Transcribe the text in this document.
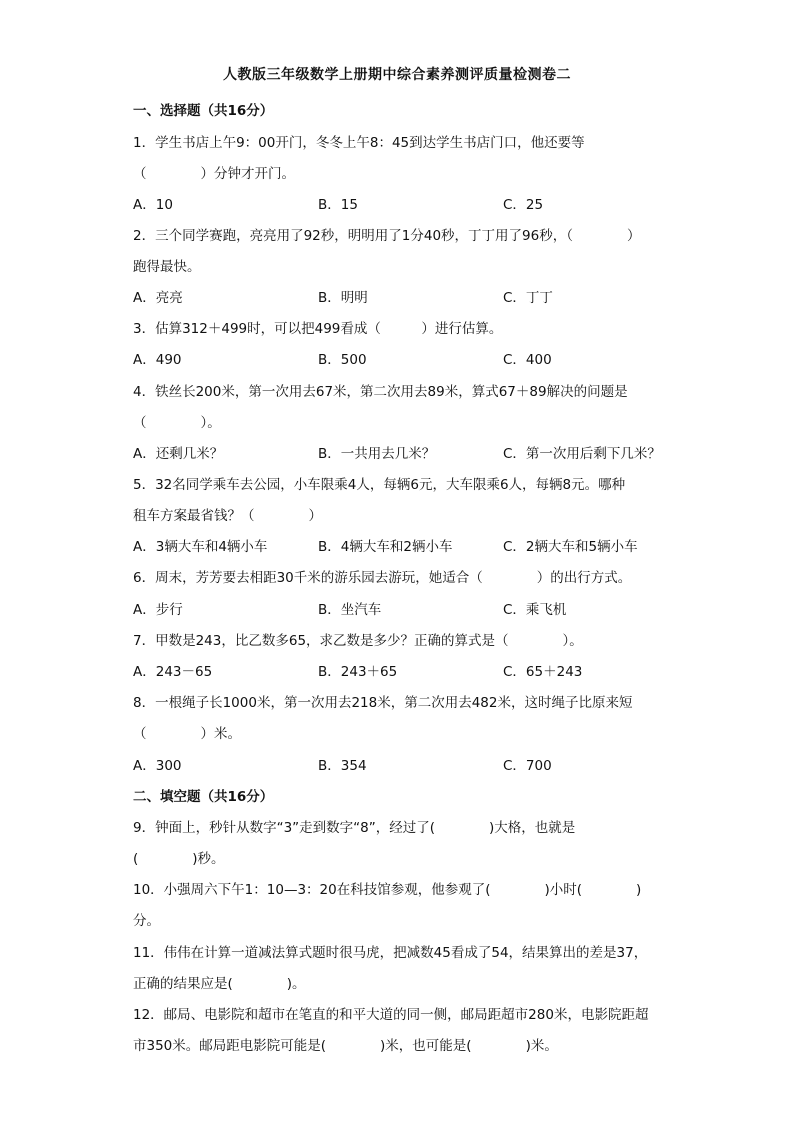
人教版三年级数学上册期中综合素养测评质量检测卷二
一、选择题（共16分）
1．学生书店上午9：00开门，冬冬上午8：45到达学生书店门口，他还要等
（　　　　）分钟才开门。
A．10	B．15	C．25
2．三个同学赛跑，亮亮用了92秒，明明用了1分40秒，丁丁用了96秒，（　　　　）
跑得最快。
A．亮亮	B．明明	C．丁丁
3．估算312＋499时，可以把499看成（　　　）进行估算。
A．490	B．500	C．400
4．铁丝长200米，第一次用去67米，第二次用去89米，算式67＋89解决的问题是
（　　　　）。
A．还剩几米？	B．一共用去几米？	C．第一次用后剩下几米？
5．32名同学乘车去公园，小车限乘4人，每辆6元，大车限乘6人，每辆8元。哪种
租车方案最省钱？（　　　　）
A．3辆大车和4辆小车	B．4辆大车和2辆小车	C．2辆大车和5辆小车
6．周末，芳芳要去相距30千米的游乐园去游玩，她适合（　　　　）的出行方式。
A．步行	B．坐汽车	C．乘飞机
7．甲数是243，比乙数多65，求乙数是多少？正确的算式是（　　　　）。
A．243－65	B．243＋65	C．65＋243
8．一根绳子长1000米，第一次用去218米，第二次用去482米，这时绳子比原来短
（　　　　）米。
A．300	B．354	C．700
二、填空题（共16分）
9．钟面上，秒针从数字“3”走到数字“8”，经过了(　　　　)大格，也就是
(　　　　)秒。
10．小强周六下午1：10—3：20在科技馆参观，他参观了(　　　　)小时(　　　　)
分。
11．伟伟在计算一道减法算式题时很马虎，把减数45看成了54，结果算出的差是37，
正确的结果应是(　　　　)。
12．邮局、电影院和超市在笔直的和平大道的同一侧，邮局距超市280米，电影院距超
市350米。邮局距电影院可能是(　　　　)米，也可能是(　　　　)米。
